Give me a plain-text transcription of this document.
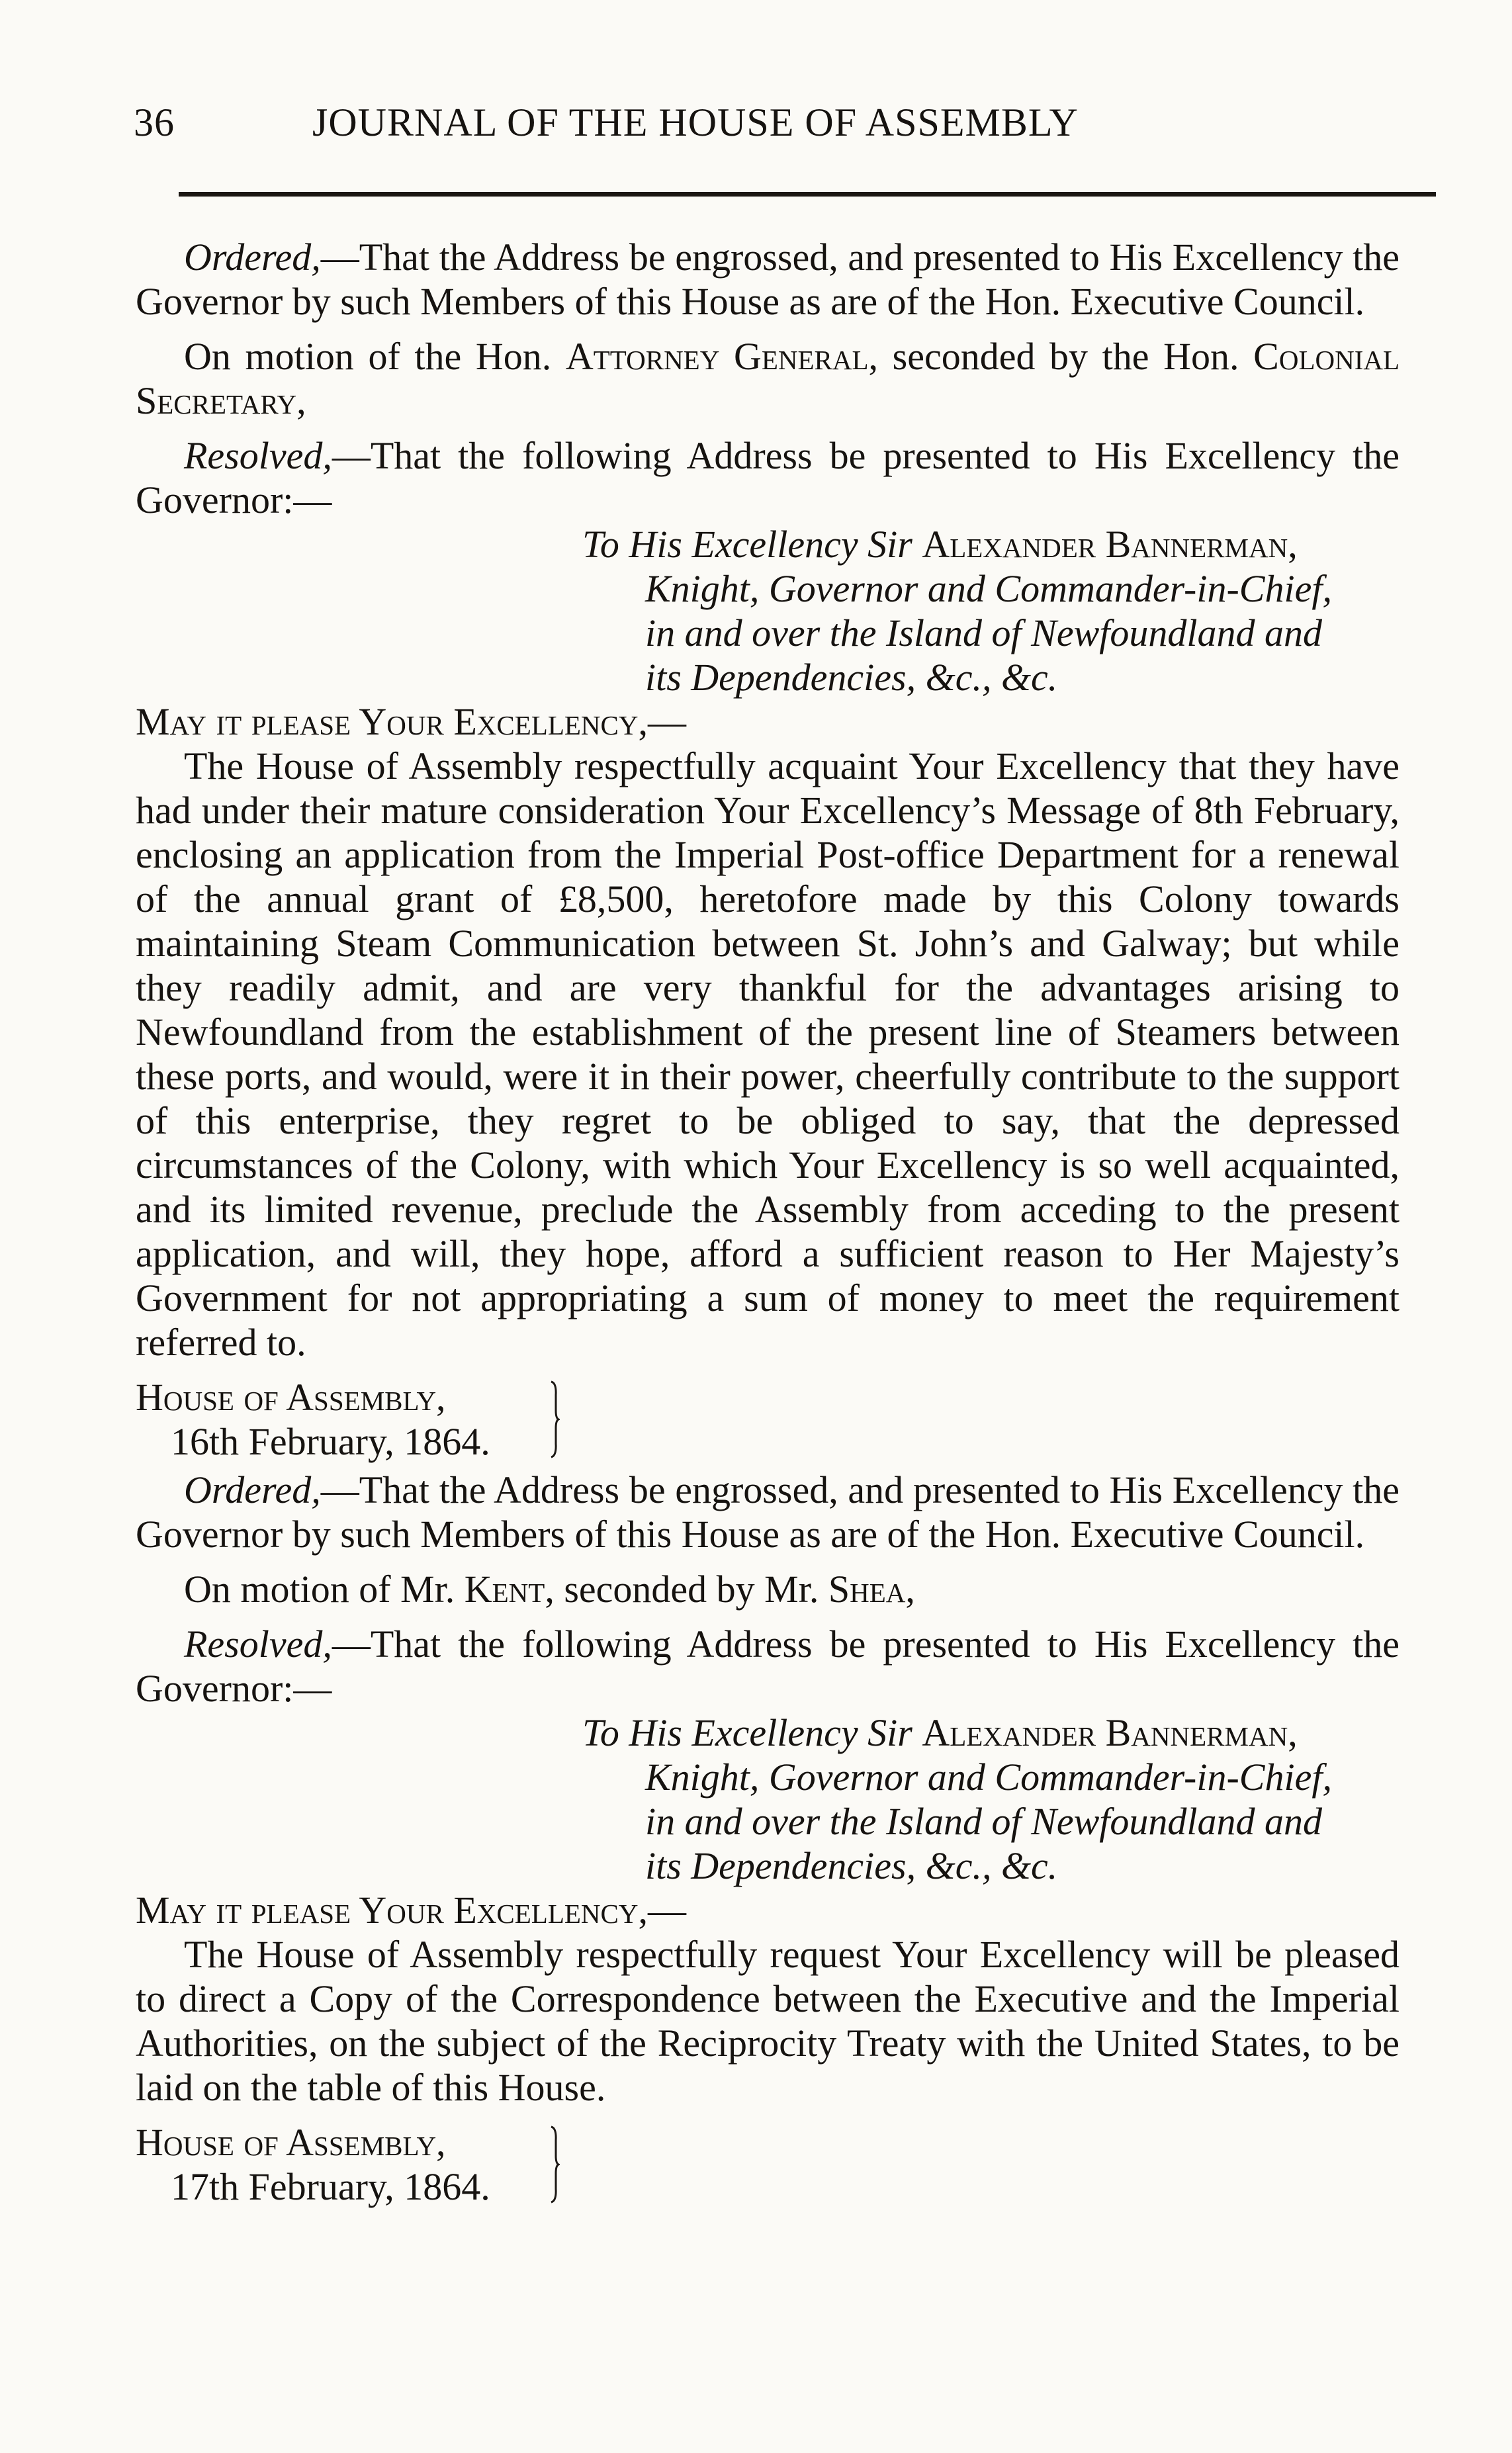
36	JOURNAL OF THE HOUSE OF ASSEMBLY

Ordered,—That the Address be engrossed, and presented to His Excellency the Governor by such Members of this House as are of the Hon. Executive Council.

On motion of the Hon. Attorney General, seconded by the Hon. Colonial Secretary,

Resolved,—That the following Address be presented to His Excellency the Governor:—

To His Excellency Sir Alexander Bannerman,
Knight, Governor and Commander-in-Chief,
in and over the Island of Newfoundland and
its Dependencies, &c., &c.

May it please Your Excellency,—

The House of Assembly respectfully acquaint Your Excellency that they have had under their mature consideration Your Excellency’s Message of 8th February, enclosing an application from the Imperial Post-office Department for a renewal of the annual grant of £8,500, heretofore made by this Colony towards maintaining Steam Communication between St. John’s and Galway; but while they readily admit, and are very thankful for the advantages arising to Newfoundland from the establishment of the present line of Steamers between these ports, and would, were it in their power, cheerfully contribute to the support of this enterprise, they regret to be obliged to say, that the depressed circumstances of the Colony, with which Your Excellency is so well acquainted, and its limited revenue, preclude the Assembly from acceding to the present application, and will, they hope, afford a sufficient reason to Her Majesty’s Government for not appropriating a sum of money to meet the requirement referred to.

House of Assembly,
16th February, 1864.

Ordered,—That the Address be engrossed, and presented to His Excellency the Governor by such Members of this House as are of the Hon. Executive Council.

On motion of Mr. Kent, seconded by Mr. Shea,

Resolved,—That the following Address be presented to His Excellency the Governor:—

To His Excellency Sir Alexander Bannerman,
Knight, Governor and Commander-in-Chief,
in and over the Island of Newfoundland and
its Dependencies, &c., &c.

May it please Your Excellency,—

The House of Assembly respectfully request Your Excellency will be pleased to direct a Copy of the Correspondence between the Executive and the Imperial Authorities, on the subject of the Reciprocity Treaty with the United States, to be laid on the table of this House.

House of Assembly,
17th February, 1864.
